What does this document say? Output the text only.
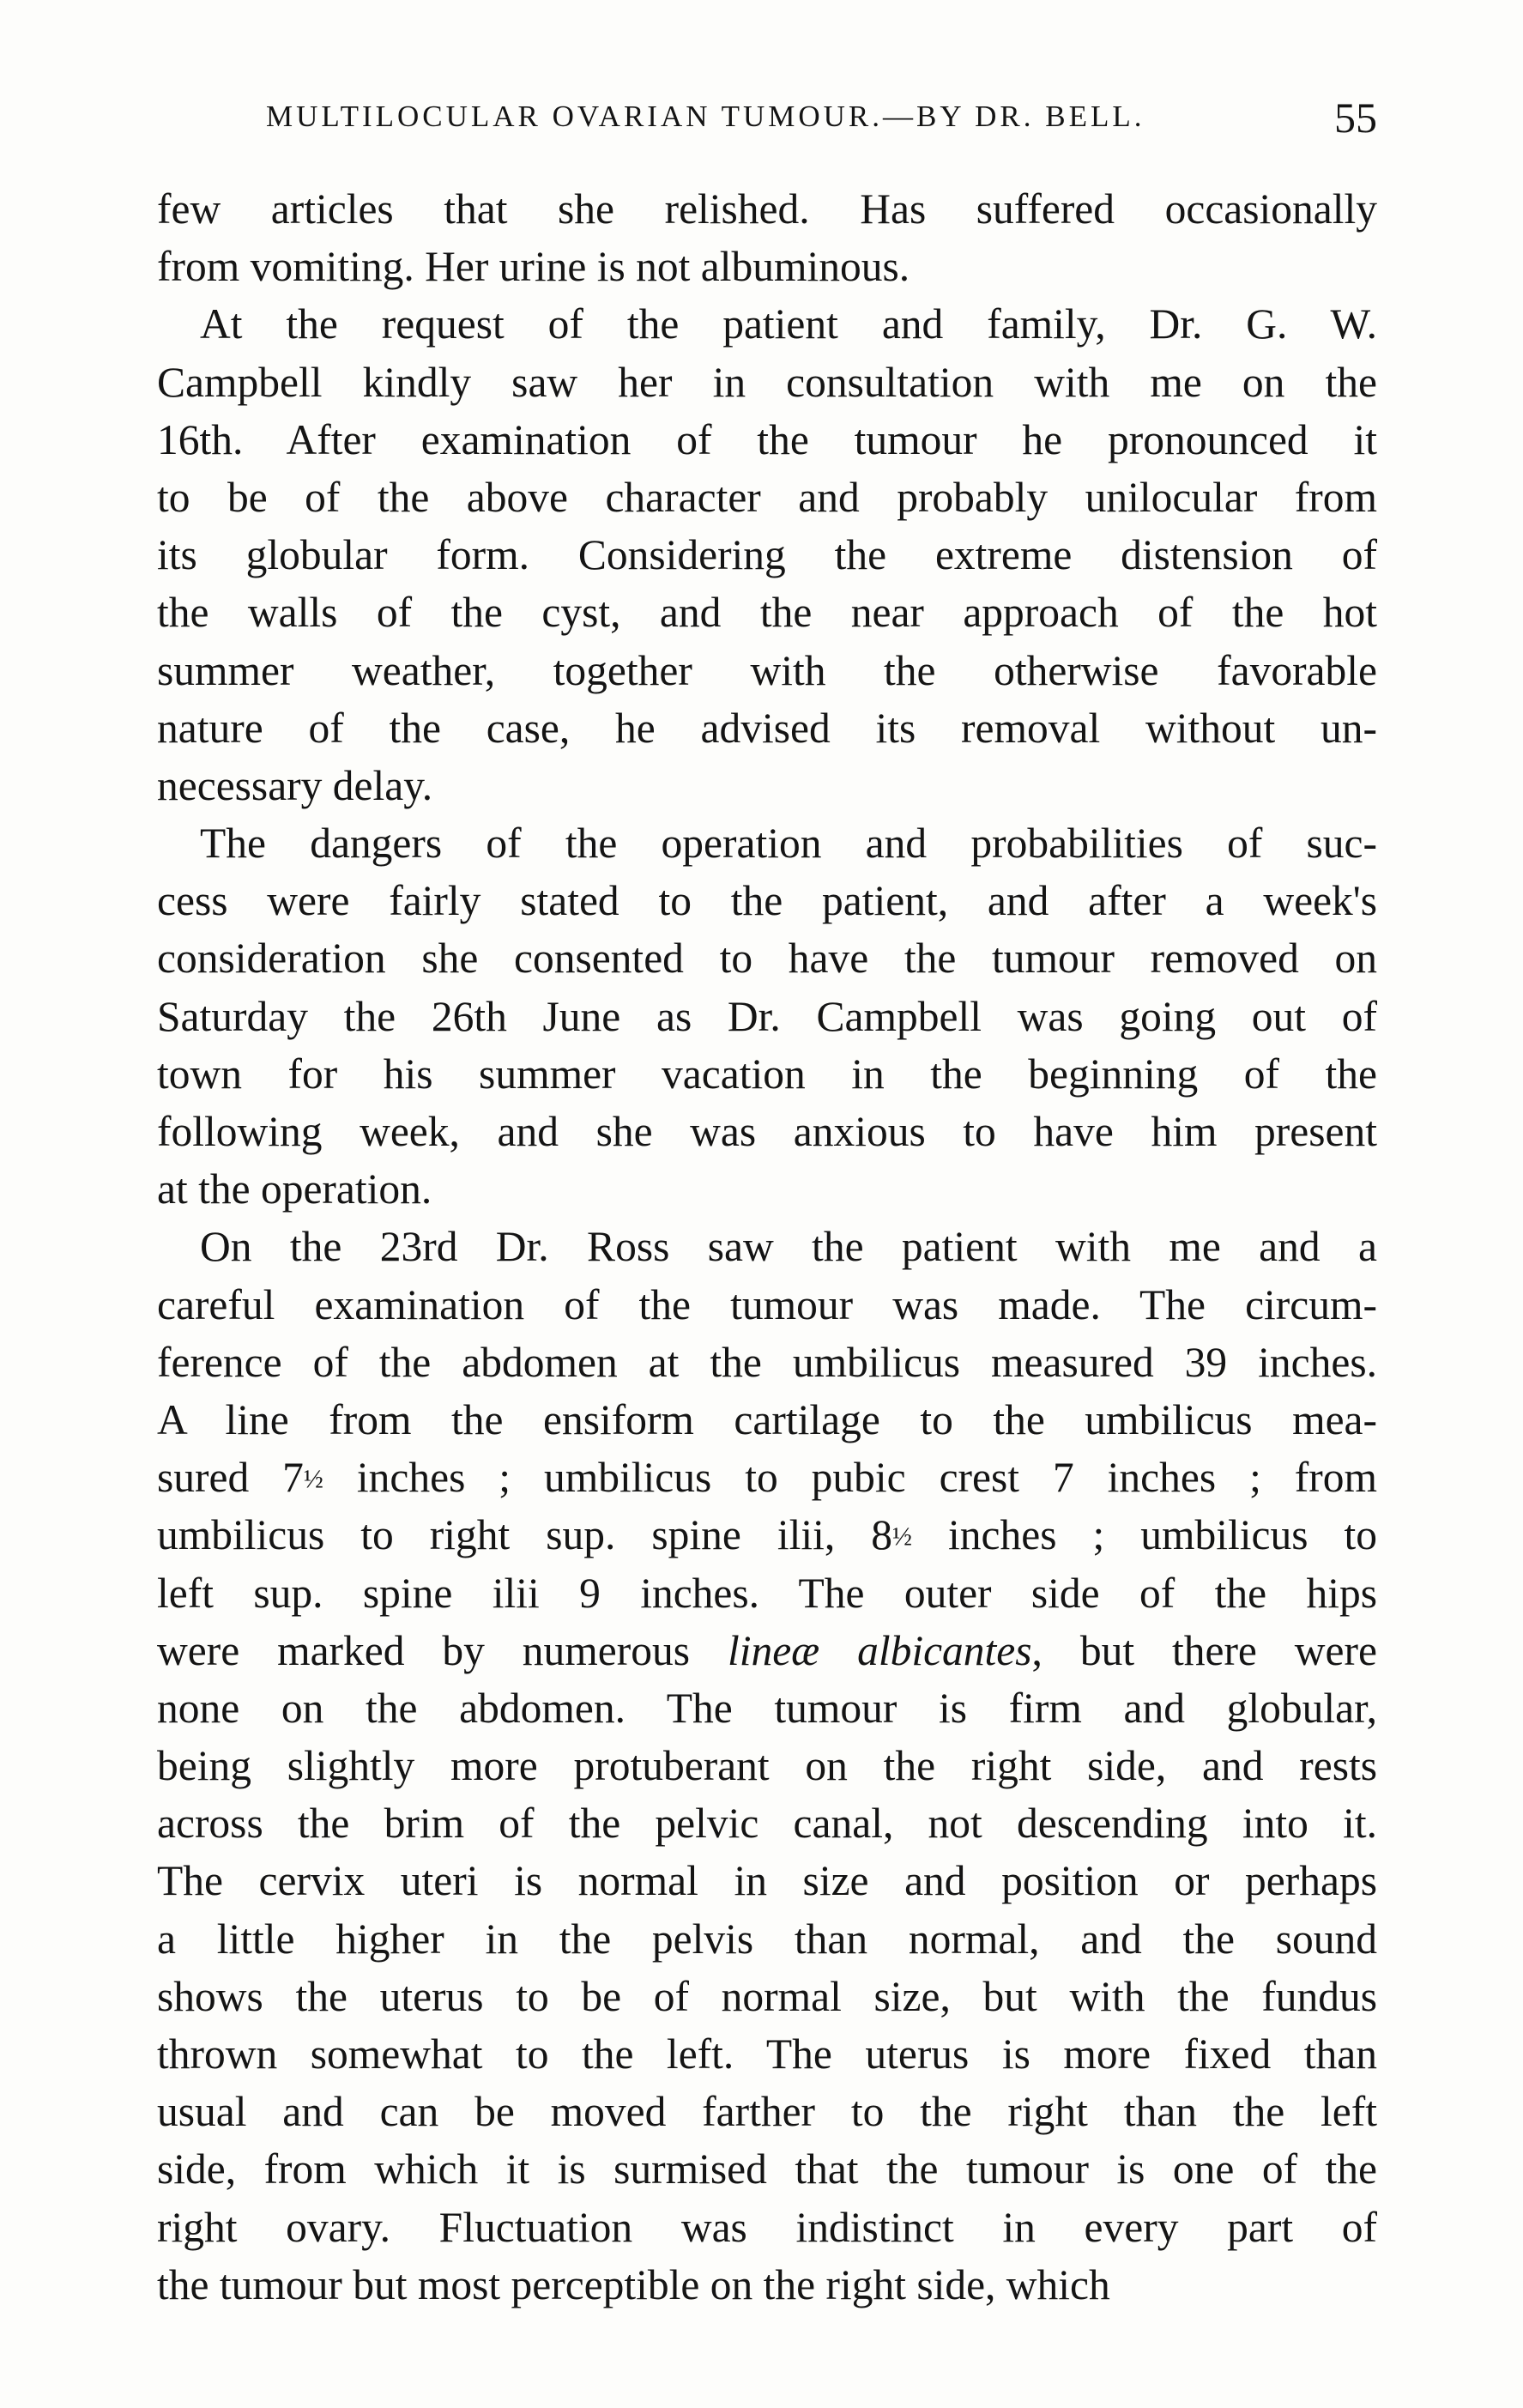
MULTILOCULAR OVARIAN TUMOUR.—BY DR. BELL.	55
few articles that she relished. Has suffered occasionally
from vomiting. Her urine is not albuminous.
At the request of the patient and family, Dr. G. W.
Campbell kindly saw her in consultation with me on the
16th. After examination of the tumour he pronounced it
to be of the above character and probably unilocular from
its globular form. Considering the extreme distension of
the walls of the cyst, and the near approach of the hot
summer weather, together with the otherwise favorable
nature of the case, he advised its removal without un-
necessary delay.
The dangers of the operation and probabilities of suc-
cess were fairly stated to the patient, and after a week's
consideration she consented to have the tumour removed on
Saturday the 26th June as Dr. Campbell was going out of
town for his summer vacation in the beginning of the
following week, and she was anxious to have him present
at the operation.
On the 23rd Dr. Ross saw the patient with me and a
careful examination of the tumour was made. The circum-
ference of the abdomen at the umbilicus measured 39 inches.
A line from the ensiform cartilage to the umbilicus mea-
sured 7½ inches ; umbilicus to pubic crest 7 inches ; from
umbilicus to right sup. spine ilii, 8½ inches ; umbilicus to
left sup. spine ilii 9 inches. The outer side of the hips
were marked by numerous lineæ albicantes, but there were
none on the abdomen. The tumour is firm and globular,
being slightly more protuberant on the right side, and rests
across the brim of the pelvic canal, not descending into it.
The cervix uteri is normal in size and position or perhaps
a little higher in the pelvis than normal, and the sound
shows the uterus to be of normal size, but with the fundus
thrown somewhat to the left. The uterus is more fixed than
usual and can be moved farther to the right than the left
side, from which it is surmised that the tumour is one of the
right ovary. Fluctuation was indistinct in every part of
the tumour but most perceptible on the right side, which
